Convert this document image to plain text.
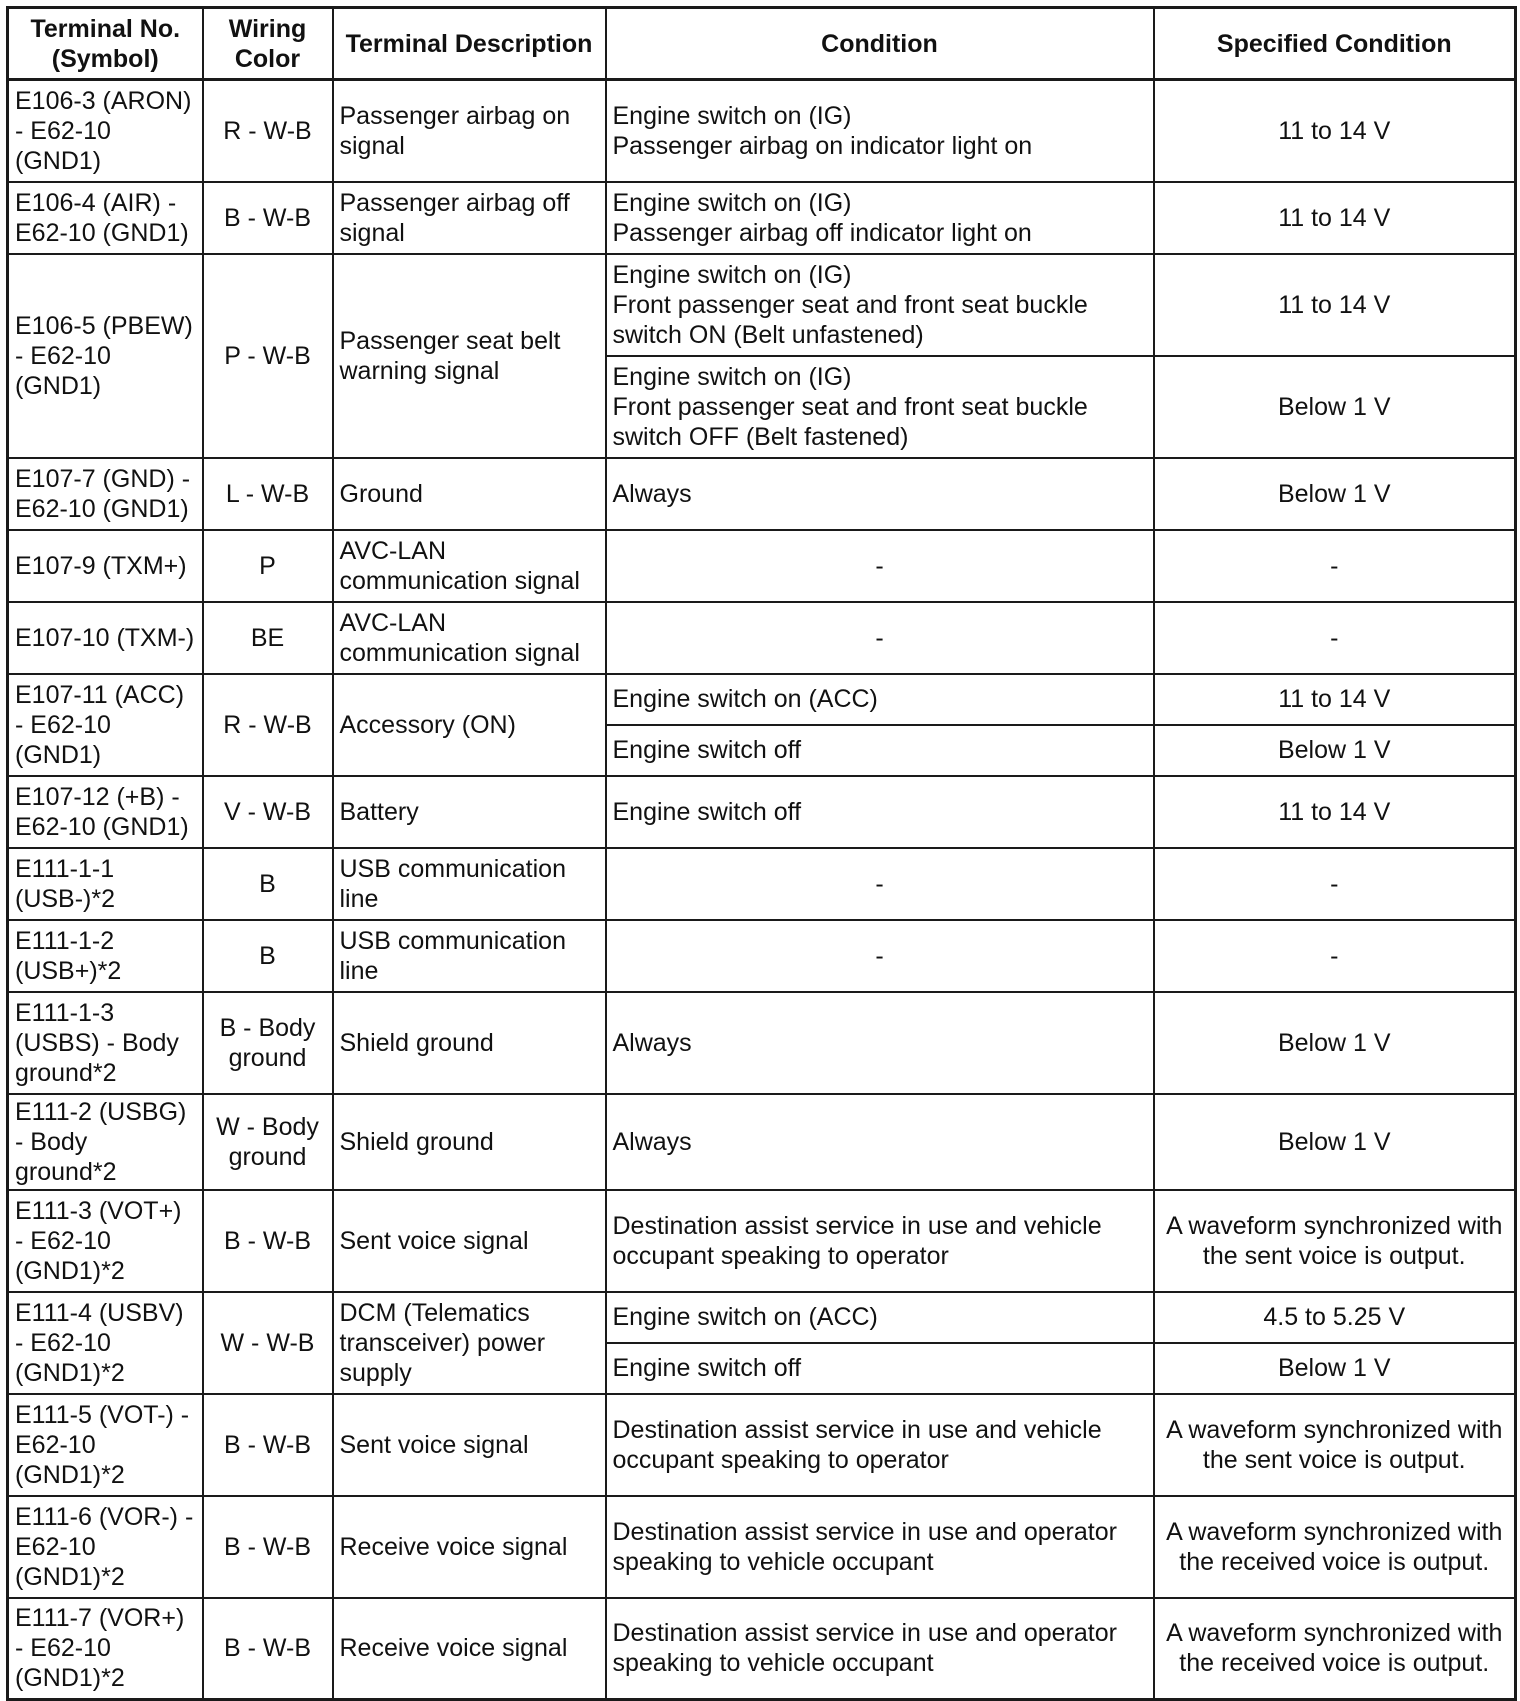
Terminal No.
(Symbol)	Wiring
Color	Terminal Description	Condition	Specified Condition
E106-3 (ARON)
- E62-10
(GND1)	R - W-B	Passenger airbag on
signal	Engine switch on (IG)
Passenger airbag on indicator light on	11 to 14 V
E106-4 (AIR) -
E62-10 (GND1)	B - W-B	Passenger airbag off
signal	Engine switch on (IG)
Passenger airbag off indicator light on	11 to 14 V
E106-5 (PBEW)
- E62-10
(GND1)	P - W-B	Passenger seat belt
warning signal	Engine switch on (IG)
Front passenger seat and front seat buckle
switch ON (Belt unfastened)	11 to 14 V
			Engine switch on (IG)
Front passenger seat and front seat buckle
switch OFF (Belt fastened)	Below 1 V
E107-7 (GND) -
E62-10 (GND1)	L - W-B	Ground	Always	Below 1 V
E107-9 (TXM+)	P	AVC-LAN
communication signal	-	-
E107-10 (TXM-)	BE	AVC-LAN
communication signal	-	-
E107-11 (ACC)
- E62-10
(GND1)	R - W-B	Accessory (ON)	Engine switch on (ACC)	11 to 14 V
			Engine switch off	Below 1 V
E107-12 (+B) -
E62-10 (GND1)	V - W-B	Battery	Engine switch off	11 to 14 V
E111-1-1
(USB-)*2	B	USB communication
line	-	-
E111-1-2
(USB+)*2	B	USB communication
line	-	-
E111-1-3
(USBS) - Body
ground*2	B - Body
ground	Shield ground	Always	Below 1 V
E111-2 (USBG)
- Body ground*2	W - Body
ground	Shield ground	Always	Below 1 V
E111-3 (VOT+)
- E62-10
(GND1)*2	B - W-B	Sent voice signal	Destination assist service in use and vehicle
occupant speaking to operator	A waveform synchronized with
the sent voice is output.
E111-4 (USBV)
- E62-10
(GND1)*2	W - W-B	DCM (Telematics
transceiver) power
supply	Engine switch on (ACC)	4.5 to 5.25 V
			Engine switch off	Below 1 V
E111-5 (VOT-) -
E62-10
(GND1)*2	B - W-B	Sent voice signal	Destination assist service in use and vehicle
occupant speaking to operator	A waveform synchronized with
the sent voice is output.
E111-6 (VOR-) -
E62-10
(GND1)*2	B - W-B	Receive voice signal	Destination assist service in use and operator
speaking to vehicle occupant	A waveform synchronized with
the received voice is output.
E111-7 (VOR+)
- E62-10
(GND1)*2	B - W-B	Receive voice signal	Destination assist service in use and operator
speaking to vehicle occupant	A waveform synchronized with
the received voice is output.
